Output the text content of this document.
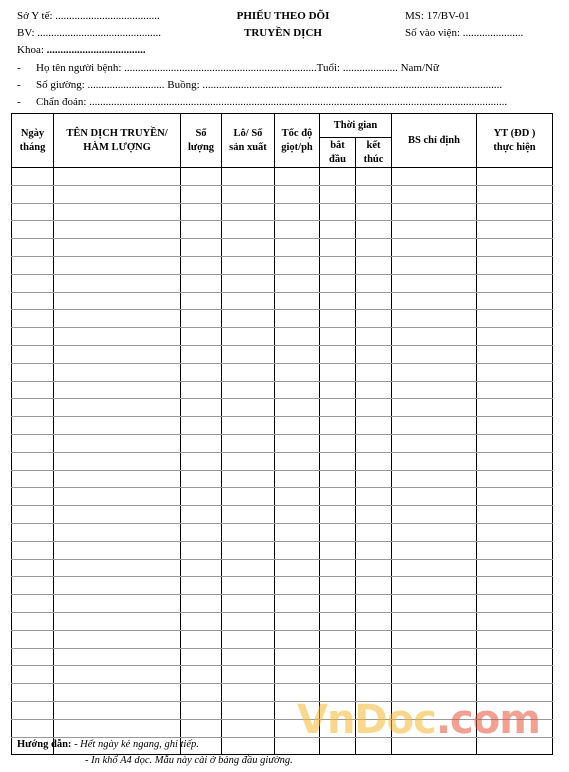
Sở Y tế: ......................................
BV: .............................................
Khoa: ....................................
PHIẾU THEO DÕI
TRUYỀN DỊCH
MS: 17/BV-01
Số vào viện: ......................
- Họ tên người bệnh: ......................................................................Tuổi: .................... Nam/Nữ
- Số giường: ............................ Buồng: .............................................................................................................
- Chẩn đoán: ........................................................................................................................................................
Ngày tháng	TÊN DỊCH TRUYỀN/ HÀM LƯỢNG	Số lượng	Lô/ Số sản xuất	Tốc độ giọt/ph	Thời gian		BS chỉ định	YT (ĐD ) thực hiện
					bắt đầu	kết thúc		

Hướng dẫn: - Hết ngày kẻ ngang, ghi tiếp.
- In khổ A4 dọc. Mẫu này cài ở bảng đầu giường.
VnDoc.com
